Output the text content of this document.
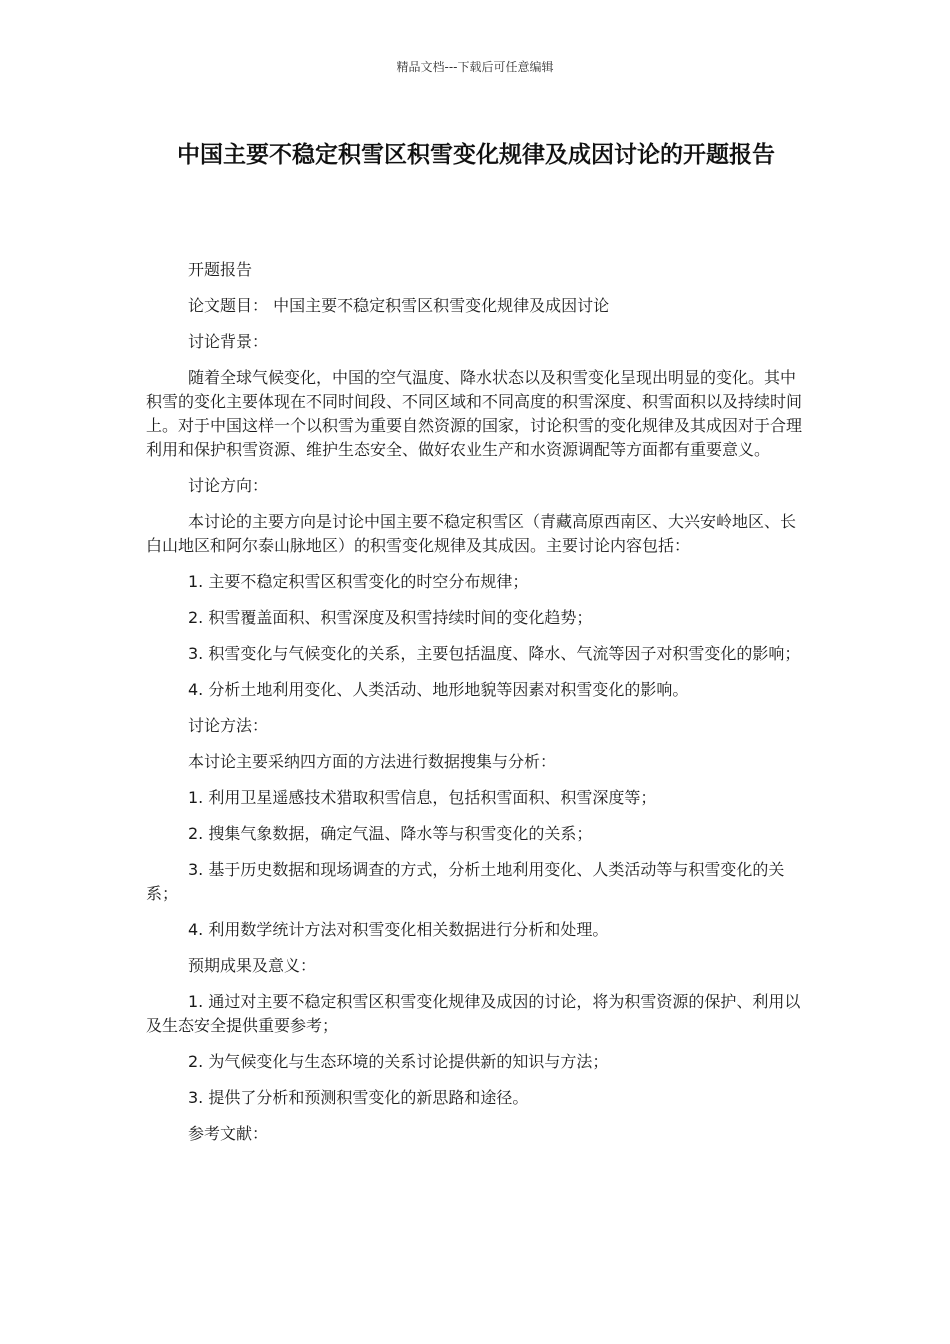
精品文档---下载后可任意编辑
中国主要不稳定积雪区积雪变化规律及成因讨论的开题报告

开题报告

论文题目： 中国主要不稳定积雪区积雪变化规律及成因讨论

讨论背景：

随着全球气候变化，中国的空气温度、降水状态以及积雪变化呈现出明显的变化。其中积雪的变化主要体现在不同时间段、不同区域和不同高度的积雪深度、积雪面积以及持续时间上。对于中国这样一个以积雪为重要自然资源的国家，讨论积雪的变化规律及其成因对于合理利用和保护积雪资源、维护生态安全、做好农业生产和水资源调配等方面都有重要意义。

讨论方向：

本讨论的主要方向是讨论中国主要不稳定积雪区（青藏高原西南区、大兴安岭地区、长白山地区和阿尔泰山脉地区）的积雪变化规律及其成因。主要讨论内容包括：

1. 主要不稳定积雪区积雪变化的时空分布规律；

2. 积雪覆盖面积、积雪深度及积雪持续时间的变化趋势；

3. 积雪变化与气候变化的关系，主要包括温度、降水、气流等因子对积雪变化的影响；

4. 分析土地利用变化、人类活动、地形地貌等因素对积雪变化的影响。

讨论方法：

本讨论主要采纳四方面的方法进行数据搜集与分析：

1. 利用卫星遥感技术猎取积雪信息，包括积雪面积、积雪深度等；

2. 搜集气象数据，确定气温、降水等与积雪变化的关系；

3. 基于历史数据和现场调查的方式，分析土地利用变化、人类活动等与积雪变化的关系；

4. 利用数学统计方法对积雪变化相关数据进行分析和处理。

预期成果及意义：

1. 通过对主要不稳定积雪区积雪变化规律及成因的讨论，将为积雪资源的保护、利用以及生态安全提供重要参考；

2. 为气候变化与生态环境的关系讨论提供新的知识与方法；

3. 提供了分析和预测积雪变化的新思路和途径。

参考文献：
